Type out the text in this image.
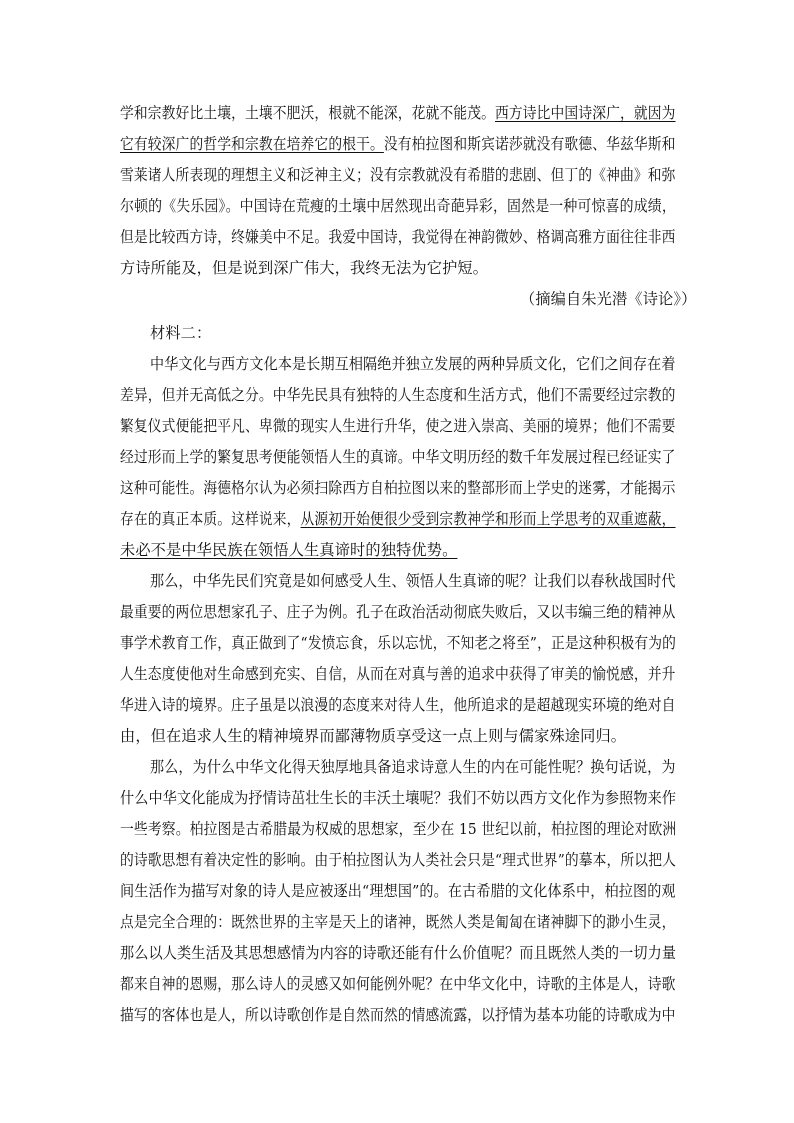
学和宗教好比土壤，土壤不肥沃，根就不能深，花就不能茂。西方诗比中国诗深广，就因为
它有较深广的哲学和宗教在培养它的根干。没有柏拉图和斯宾诺莎就没有歌德、华兹华斯和
雪莱诸人所表现的理想主义和泛神主义；没有宗教就没有希腊的悲剧、但丁的《神曲》和弥
尔顿的《失乐园》。中国诗在荒瘦的土壤中居然现出奇葩异彩，固然是一种可惊喜的成绩，
但是比较西方诗，终嫌美中不足。我爱中国诗，我觉得在神韵微妙、格调高雅方面往往非西
方诗所能及，但是说到深广伟大，我终无法为它护短。
（摘编自朱光潜《诗论》）
材料二：
中华文化与西方文化本是长期互相隔绝并独立发展的两种异质文化，它们之间存在着
差异，但并无高低之分。中华先民具有独特的人生态度和生活方式，他们不需要经过宗教的
繁复仪式便能把平凡、卑微的现实人生进行升华，使之进入崇高、美丽的境界；他们不需要
经过形而上学的繁复思考便能领悟人生的真谛。中华文明历经的数千年发展过程已经证实了
这种可能性。海德格尔认为必须扫除西方自柏拉图以来的整部形而上学史的迷雾，才能揭示
存在的真正本质。这样说来，从源初开始便很少受到宗教神学和形而上学思考的双重遮蔽，
未必不是中华民族在领悟人生真谛时的独特优势。
那么，中华先民们究竟是如何感受人生、领悟人生真谛的呢？让我们以春秋战国时代
最重要的两位思想家孔子、庄子为例。孔子在政治活动彻底失败后，又以韦编三绝的精神从
事学术教育工作，真正做到了“发愤忘食，乐以忘忧，不知老之将至”，正是这种积极有为的
人生态度使他对生命感到充实、自信，从而在对真与善的追求中获得了审美的愉悦感，并升
华进入诗的境界。庄子虽是以浪漫的态度来对待人生，他所追求的是超越现实环境的绝对自
由，但在追求人生的精神境界而鄙薄物质享受这一点上则与儒家殊途同归。
那么，为什么中华文化得天独厚地具备追求诗意人生的内在可能性呢？换句话说，为
什么中华文化能成为抒情诗茁壮生长的丰沃土壤呢？我们不妨以西方文化作为参照物来作
一些考察。柏拉图是古希腊最为权威的思想家，至少在 15 世纪以前，柏拉图的理论对欧洲
的诗歌思想有着决定性的影响。由于柏拉图认为人类社会只是“理式世界”的摹本，所以把人
间生活作为描写对象的诗人是应被逐出“理想国”的。在古希腊的文化体系中，柏拉图的观
点是完全合理的：既然世界的主宰是天上的诸神，既然人类是匍匐在诸神脚下的渺小生灵，
那么以人类生活及其思想感情为内容的诗歌还能有什么价值呢？而且既然人类的一切力量
都来自神的恩赐，那么诗人的灵感又如何能例外呢？在中华文化中，诗歌的主体是人，诗歌
描写的客体也是人，所以诗歌创作是自然而然的情感流露，以抒情为基本功能的诗歌成为中
